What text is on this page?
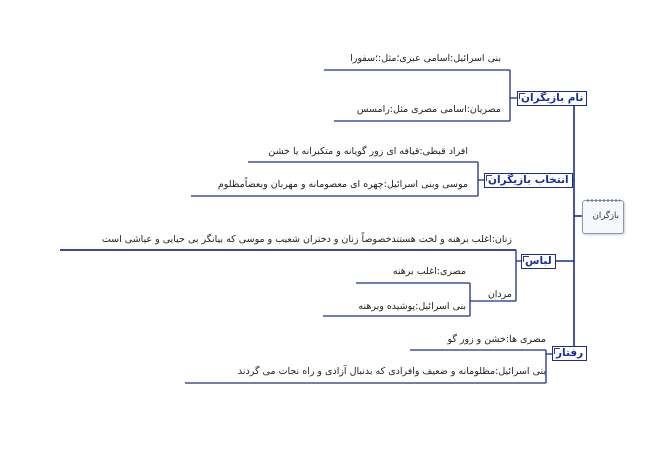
بازگران
نام بازیگران
بنی اسرائیل:اسامی عبری؛مثل:؛سفورا
مصریان:اسامی مصری مثل:رامسس
انتخاب بازیگران
افراد قبطی:قیافه ای زور گویانه و متکبرانه یا خشن
موسی وبنی اسرائیل:چهره ای معصومانه و مهربان وبعضاًمظلوم
لباس
زنان:اغلب برهنه و لخت هستندخصوصاً زنان و دختران شعیب و موسی که بیانگر بی حیایی و عیاشی است
مردان
مصری:اغلب برهنه
بنی اسرائیل:پوشیده وبرهنه
رفتار
مصری ها:خشن و زور گو
بنی اسرائیل:مظلومانه و ضعیف وافرادی که بدنبال آزادی و راه نجات می گردند
